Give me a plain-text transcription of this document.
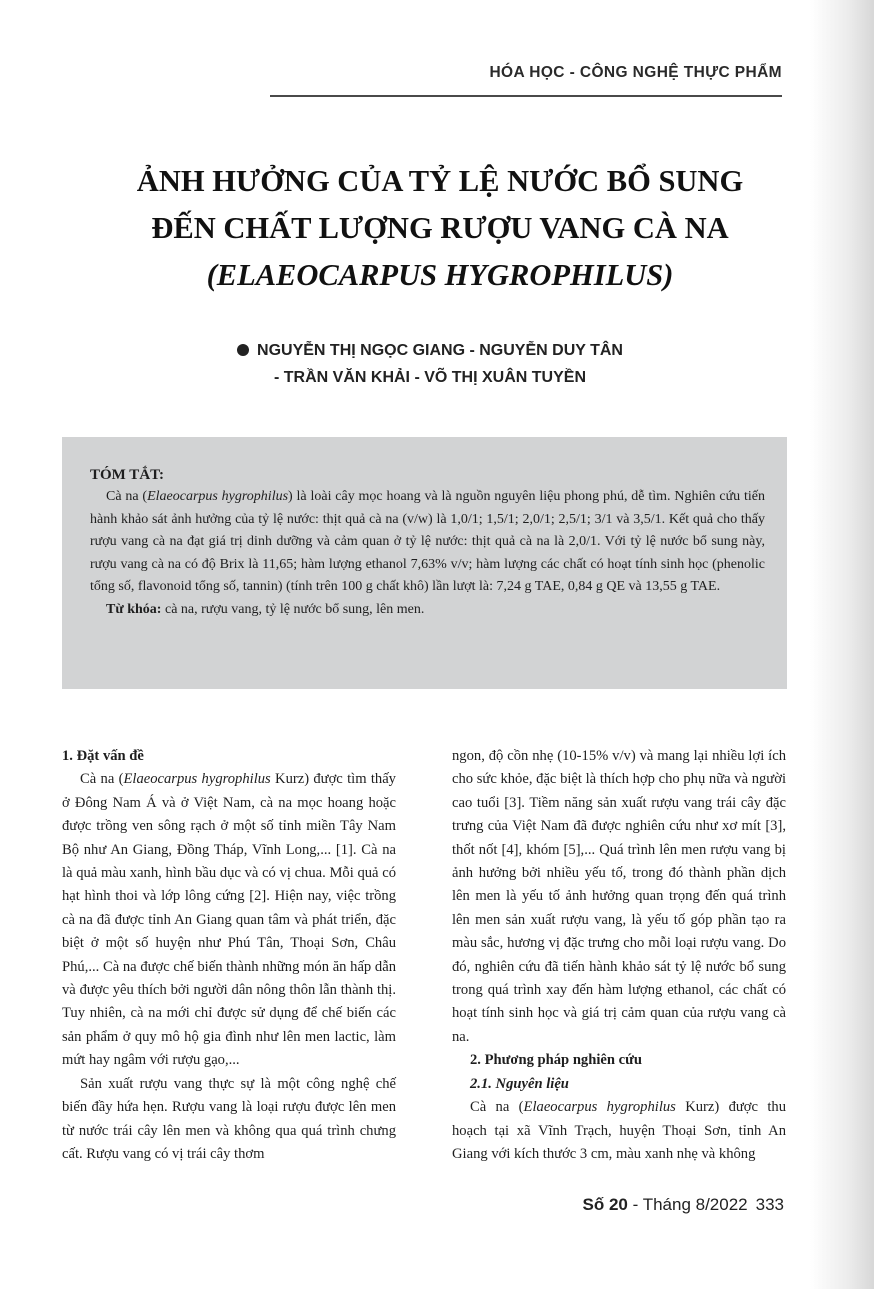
HÓA HỌC - CÔNG NGHỆ THỰC PHẨM
ẢNH HƯỞNG CỦA TỶ LỆ NƯỚC BỔ SUNG
ĐẾN CHẤT LƯỢNG RƯỢU VANG CÀ NA
(ELAEOCARPUS HYGROPHILUS)
NGUYỄN THỊ NGỌC GIANG - NGUYỄN DUY TÂN
- TRẦN VĂN KHẢI - VÕ THỊ XUÂN TUYỀN

TÓM TẮT:

Cà na (Elaeocarpus hygrophilus) là loài cây mọc hoang và là nguồn nguyên liệu phong phú, dễ tìm. Nghiên cứu tiến hành khảo sát ảnh hưởng của tỷ lệ nước: thịt quả cà na (v/w) là 1,0/1; 1,5/1; 2,0/1; 2,5/1; 3/1 và 3,5/1. Kết quả cho thấy rượu vang cà na đạt giá trị dinh dưỡng và cảm quan ở tỷ lệ nước: thịt quả cà na là 2,0/1. Với tỷ lệ nước bổ sung này, rượu vang cà na có độ Brix là 11,65; hàm lượng ethanol 7,63% v/v; hàm lượng các chất có hoạt tính sinh học (phenolic tổng số, flavonoid tổng số, tannin) (tính trên 100 g chất khô) lần lượt là: 7,24 g TAE, 0,84 g QE và 13,55 g TAE.

Từ khóa: cà na, rượu vang, tỷ lệ nước bổ sung, lên men.

1. Đặt vấn đề

Cà na (Elaeocarpus hygrophilus Kurz) được tìm thấy ở Đông Nam Á và ở Việt Nam, cà na mọc hoang hoặc được trồng ven sông rạch ở một số tỉnh miền Tây Nam Bộ như An Giang, Đồng Tháp, Vĩnh Long,... [1]. Cà na là quả màu xanh, hình bầu dục và có vị chua. Mỗi quả có hạt hình thoi và lớp lông cứng [2]. Hiện nay, việc trồng cà na đã được tỉnh An Giang quan tâm và phát triển, đặc biệt ở một số huyện như Phú Tân, Thoại Sơn, Châu Phú,... Cà na được chế biến thành những món ăn hấp dẫn và được yêu thích bởi người dân nông thôn lẫn thành thị. Tuy nhiên, cà na mới chỉ được sử dụng để chế biến các sản phẩm ở quy mô hộ gia đình như lên men lactic, làm mứt hay ngâm với rượu gạo,...

Sản xuất rượu vang thực sự là một công nghệ chế biến đầy hứa hẹn. Rượu vang là loại rượu được lên men từ nước trái cây lên men và không qua quá trình chưng cất. Rượu vang có vị trái cây thơm

ngon, độ cồn nhẹ (10-15% v/v) và mang lại nhiều lợi ích cho sức khỏe, đặc biệt là thích hợp cho phụ nữa và người cao tuổi [3]. Tiềm năng sản xuất rượu vang trái cây đặc trưng của Việt Nam đã được nghiên cứu như xơ mít [3], thốt nốt [4], khóm [5],... Quá trình lên men rượu vang bị ảnh hưởng bởi nhiều yếu tố, trong đó thành phần dịch lên men là yếu tố ảnh hưởng quan trọng đến quá trình lên men sản xuất rượu vang, là yếu tố góp phần tạo ra màu sắc, hương vị đặc trưng cho mỗi loại rượu vang. Do đó, nghiên cứu đã tiến hành khảo sát tỷ lệ nước bổ sung trong quá trình xay đến hàm lượng ethanol, các chất có hoạt tính sinh học và giá trị cảm quan của rượu vang cà na.

2. Phương pháp nghiên cứu

2.1. Nguyên liệu

Cà na (Elaeocarpus hygrophilus Kurz) được thu hoạch tại xã Vĩnh Trạch, huyện Thoại Sơn, tỉnh An Giang với kích thước 3 cm, màu xanh nhẹ và không

Số 20 - Tháng 8/2022 333
